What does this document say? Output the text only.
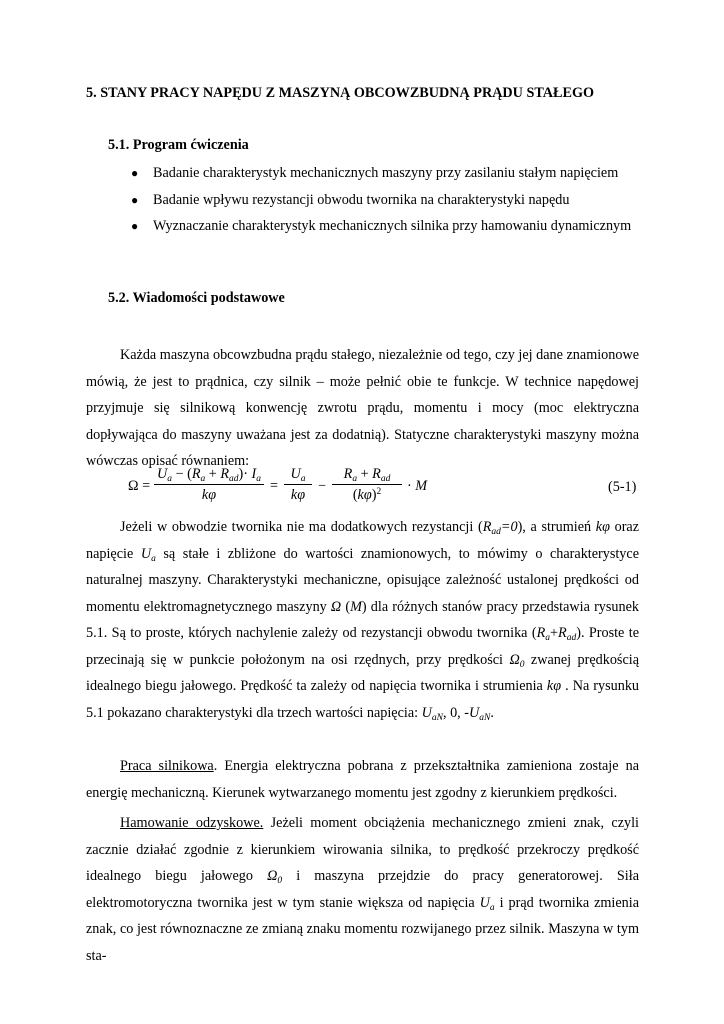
5. STANY PRACY NAPĘDU Z MASZYNĄ OBCOWZBUDNĄ PRĄDU STAŁEGO
5.1. Program ćwiczenia
● Badanie charakterystyk mechanicznych maszyny przy zasilaniu stałym napięciem
● Badanie wpływu rezystancji obwodu twornika na charakterystyki napędu
● Wyznaczanie charakterystyk mechanicznych silnika przy hamowaniu dynamicznym
5.2. Wiadomości podstawowe

Każda maszyna obcowzbudna prądu stałego, niezależnie od tego, czy jej dane znamionowe mówią, że jest to prądnica, czy silnik – może pełnić obie te funkcje. W technice napędowej przyjmuje się silnikową konwencję zwrotu prądu, momentu i mocy (moc elektryczna dopływająca do maszyny uważana jest za dodatnią). Statyczne charakterystyki maszyny można wówczas opisać równaniem:

Ω =
$U_a - (R_a + R_{ad})\cdot I_a$
kφ
=
$U_a$
kφ
−
$R_a + R_{ad}$
$(k\varphi)^2$	· M	(5-1)

Jeżeli w obwodzie twornika nie ma dodatkowych rezystancji $(R_{ad}=0)$, a strumień kφ oraz napięcie $U_a$ są stałe i zbliżone do wartości znamionowych, to mówimy o charakterystyce naturalnej maszyny. Charakterystyki mechaniczne, opisujące zależność ustalonej prędkości od momentu elektromagnetycznego maszyny Ω (M) dla różnych stanów pracy przedstawia rysunek 5.1. Są to proste, których nachylenie zależy od rezystancji obwodu twornika $(R_a+R_{ad})$. Proste te przecinają się w punkcie położonym na osi rzędnych, przy prędkości $\Omega_0$ zwanej prędkością idealnego biegu jałowego. Prędkość ta zależy od napięcia twornika i strumienia kφ . Na rysunku 5.1 pokazano charakterystyki dla trzech wartości napięcia: $U_{aN}$, 0, $-U_{aN}$.

Praca silnikowa. Energia elektryczna pobrana z przekształtnika zamieniona zostaje na energię mechaniczną. Kierunek wytwarzanego momentu jest zgodny z kierunkiem prędkości.

Hamowanie odzyskowe. Jeżeli moment obciążenia mechanicznego zmieni znak, czyli zacznie działać zgodnie z kierunkiem wirowania silnika, to prędkość przekroczy prędkość idealnego biegu jałowego $\Omega_0$ i maszyna przejdzie do pracy generatorowej. Siła elektromotoryczna twornika jest w tym stanie większa od napięcia $U_a$ i prąd twornika zmienia znak, co jest równoznaczne ze zmianą znaku momentu rozwijanego przez silnik. Maszyna w tym sta-
